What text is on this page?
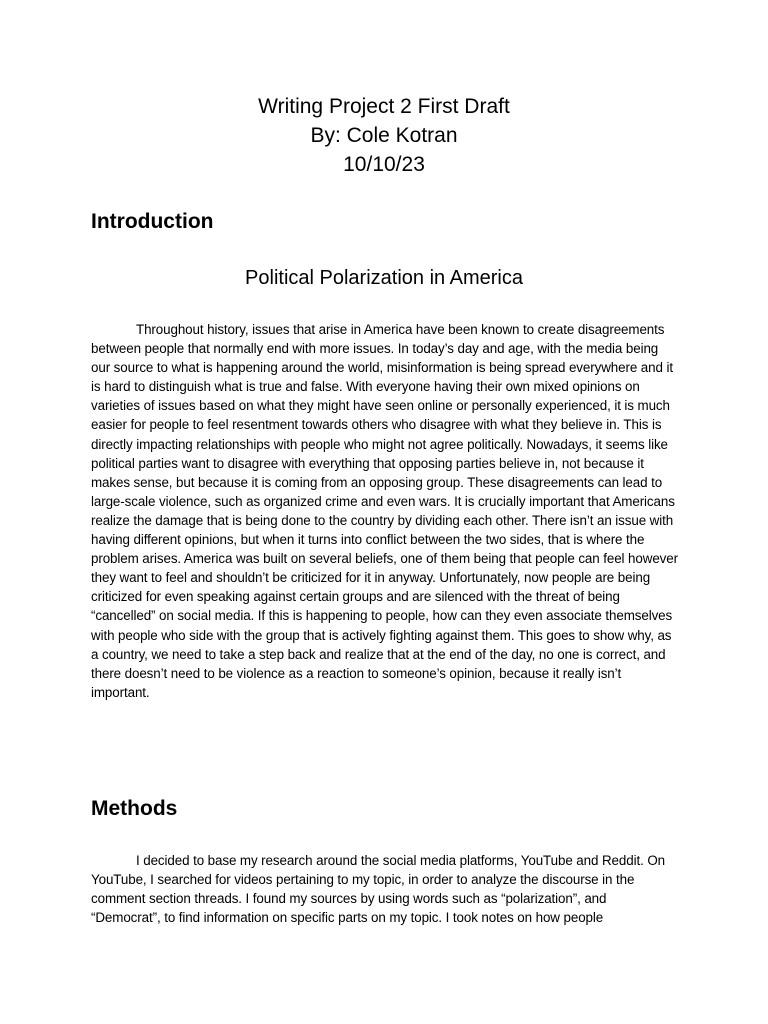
Writing Project 2 First Draft
By: Cole Kotran
10/10/23
Introduction
Political Polarization in America

Throughout history, issues that arise in America have been known to create disagreements between people that normally end with more issues. In today’s day and age, with the media being our source to what is happening around the world, misinformation is being spread everywhere and it is hard to distinguish what is true and false. With everyone having their own mixed opinions on varieties of issues based on what they might have seen online or personally experienced, it is much easier for people to feel resentment towards others who disagree with what they believe in. This is directly impacting relationships with people who might not agree politically. Nowadays, it seems like political parties want to disagree with everything that opposing parties believe in, not because it makes sense, but because it is coming from an opposing group. These disagreements can lead to large-scale violence, such as organized crime and even wars. It is crucially important that Americans realize the damage that is being done to the country by dividing each other. There isn’t an issue with having different opinions, but when it turns into conflict between the two sides, that is where the problem arises. America was built on several beliefs, one of them being that people can feel however they want to feel and shouldn’t be criticized for it in anyway. Unfortunately, now people are being criticized for even speaking against certain groups and are silenced with the threat of being “cancelled” on social media. If this is happening to people, how can they even associate themselves with people who side with the group that is actively fighting against them. This goes to show why, as a country, we need to take a step back and realize that at the end of the day, no one is correct, and there doesn’t need to be violence as a reaction to someone’s opinion, because it really isn’t important.

Methods

I decided to base my research around the social media platforms, YouTube and Reddit. On YouTube, I searched for videos pertaining to my topic, in order to analyze the discourse in the comment section threads. I found my sources by using words such as “polarization”, and “Democrat”, to find information on specific parts on my topic. I took notes on how people
